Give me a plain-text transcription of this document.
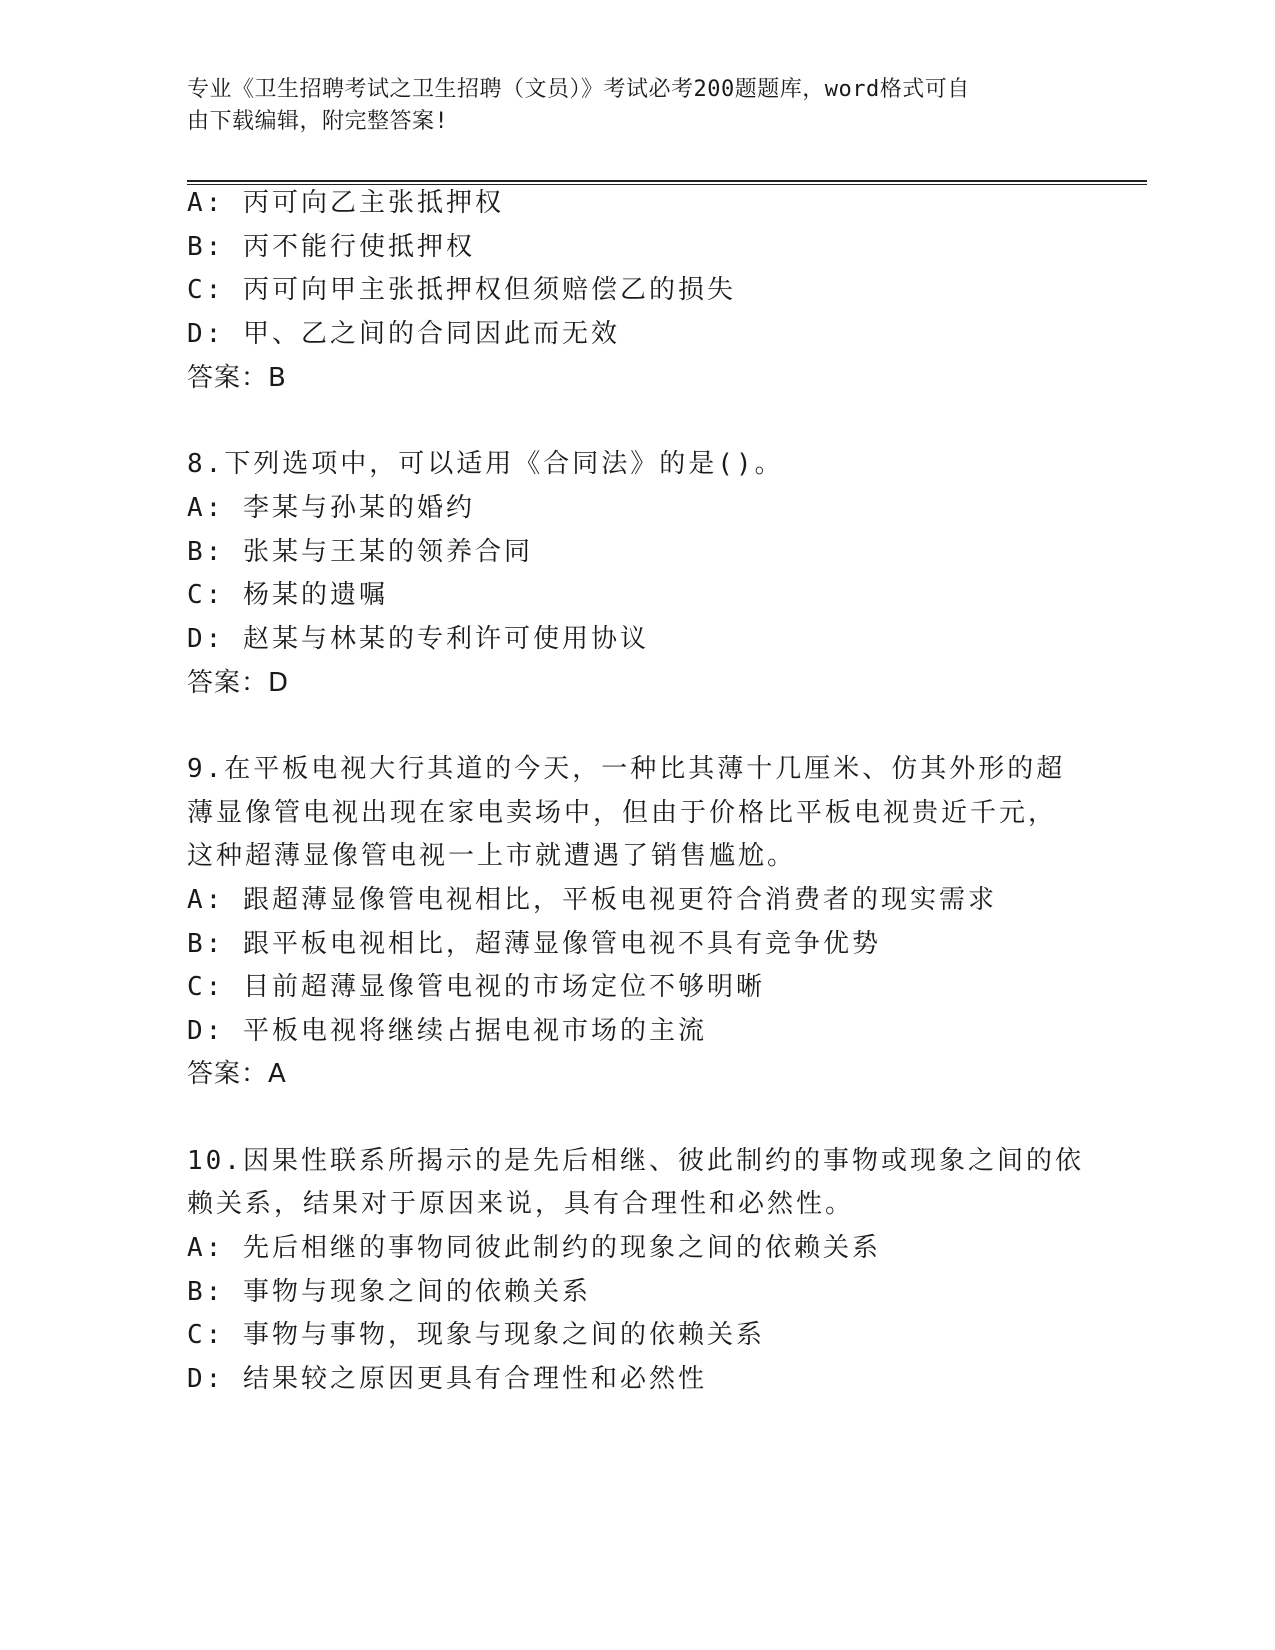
专业《卫生招聘考试之卫生招聘（文员）》考试必考200题题库，word格式可自
由下载编辑，附完整答案!
A: 丙可向乙主张抵押权
B: 丙不能行使抵押权
C: 丙可向甲主张抵押权但须赔偿乙的损失
D: 甲、乙之间的合同因此而无效
答案：B
8.下列选项中，可以适用《合同法》的是()。
A: 李某与孙某的婚约
B: 张某与王某的领养合同
C: 杨某的遗嘱
D: 赵某与林某的专利许可使用协议
答案：D
9.在平板电视大行其道的今天，一种比其薄十几厘米、仿其外形的超
薄显像管电视出现在家电卖场中，但由于价格比平板电视贵近千元，
这种超薄显像管电视一上市就遭遇了销售尴尬。
A: 跟超薄显像管电视相比，平板电视更符合消费者的现实需求
B: 跟平板电视相比，超薄显像管电视不具有竞争优势
C: 目前超薄显像管电视的市场定位不够明晰
D: 平板电视将继续占据电视市场的主流
答案：A
10.因果性联系所揭示的是先后相继、彼此制约的事物或现象之间的依
赖关系，结果对于原因来说，具有合理性和必然性。
A: 先后相继的事物同彼此制约的现象之间的依赖关系
B: 事物与现象之间的依赖关系
C: 事物与事物，现象与现象之间的依赖关系
D: 结果较之原因更具有合理性和必然性
